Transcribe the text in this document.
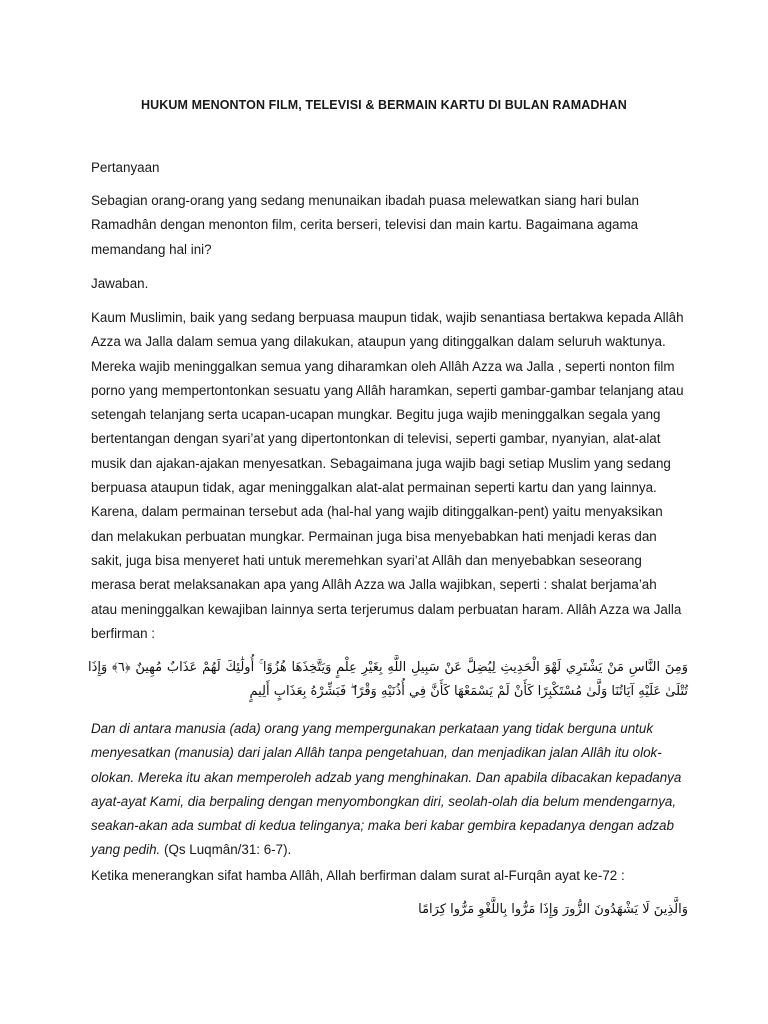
HUKUM MENONTON FILM, TELEVISI & BERMAIN KARTU DI BULAN RAMADHAN
Pertanyaan
Sebagian orang-orang yang sedang menunaikan ibadah puasa melewatkan siang hari bulan Ramadhân dengan menonton film, cerita berseri, televisi dan main kartu. Bagaimana agama memandang hal ini?
Jawaban.
Kaum Muslimin, baik yang sedang berpuasa maupun tidak, wajib senantiasa bertakwa kepada Allâh Azza wa Jalla dalam semua yang dilakukan, ataupun yang ditinggalkan dalam seluruh waktunya. Mereka wajib meninggalkan semua yang diharamkan oleh Allâh Azza wa Jalla , seperti nonton film porno yang mempertontonkan sesuatu yang Allâh haramkan, seperti gambar-gambar telanjang atau setengah telanjang serta ucapan-ucapan mungkar. Begitu juga wajib meninggalkan segala yang bertentangan dengan syari’at yang dipertontonkan di televisi, seperti gambar, nyanyian, alat-alat musik dan ajakan-ajakan menyesatkan. Sebagaimana juga wajib bagi setiap Muslim yang sedang berpuasa ataupun tidak, agar meninggalkan alat-alat permainan seperti kartu dan yang lainnya. Karena, dalam permainan tersebut ada (hal-hal yang wajib ditinggalkan-pent) yaitu menyaksikan dan melakukan perbuatan mungkar. Permainan juga bisa menyebabkan hati menjadi keras dan sakit, juga bisa menyeret hati untuk meremehkan syari’at Allâh dan menyebabkan seseorang merasa berat melaksanakan apa yang Allâh Azza wa Jalla wajibkan, seperti : shalat berjama’ah atau meninggalkan kewajiban lainnya serta terjerumus dalam perbuatan haram. Allâh Azza wa Jalla berfirman :
وَمِنَ النَّاسِ مَنْ يَشْتَرِي لَهْوَ الْحَدِيثِ لِيُضِلَّ عَنْ سَبِيلِ اللَّهِ بِغَيْرِ عِلْمٍ وَيَتَّخِذَهَا هُزُوًا ۚ أُولَٰئِكَ لَهُمْ عَذَابٌ مُهِينٌ ﴿٦﴾ وَإِذَا تُتْلَىٰ عَلَيْهِ آيَاتُنَا وَلَّىٰ مُسْتَكْبِرًا كَأَنْ لَمْ يَسْمَعْهَا كَأَنَّ فِي أُذُنَيْهِ وَقْرًا ۖ فَبَشِّرْهُ بِعَذَابٍ أَلِيمٍ
Dan di antara manusia (ada) orang yang mempergunakan perkataan yang tidak berguna untuk menyesatkan (manusia) dari jalan Allâh tanpa pengetahuan, dan menjadikan jalan Allâh itu olok-olokan. Mereka itu akan memperoleh adzab yang menghinakan. Dan apabila dibacakan kepadanya ayat-ayat Kami, dia berpaling dengan menyombongkan diri, seolah-olah dia belum mendengarnya, seakan-akan ada sumbat di kedua telinganya; maka beri kabar gembira kepadanya dengan adzab yang pedih. (Qs Luqmân/31: 6-7).
Ketika menerangkan sifat hamba Allâh, Allah berfirman dalam surat al-Furqân ayat ke-72 :
وَالَّذِينَ لَا يَشْهَدُونَ الزُّورَ وَإِذَا مَرُّوا بِاللَّغْوِ مَرُّوا كِرَامًا
